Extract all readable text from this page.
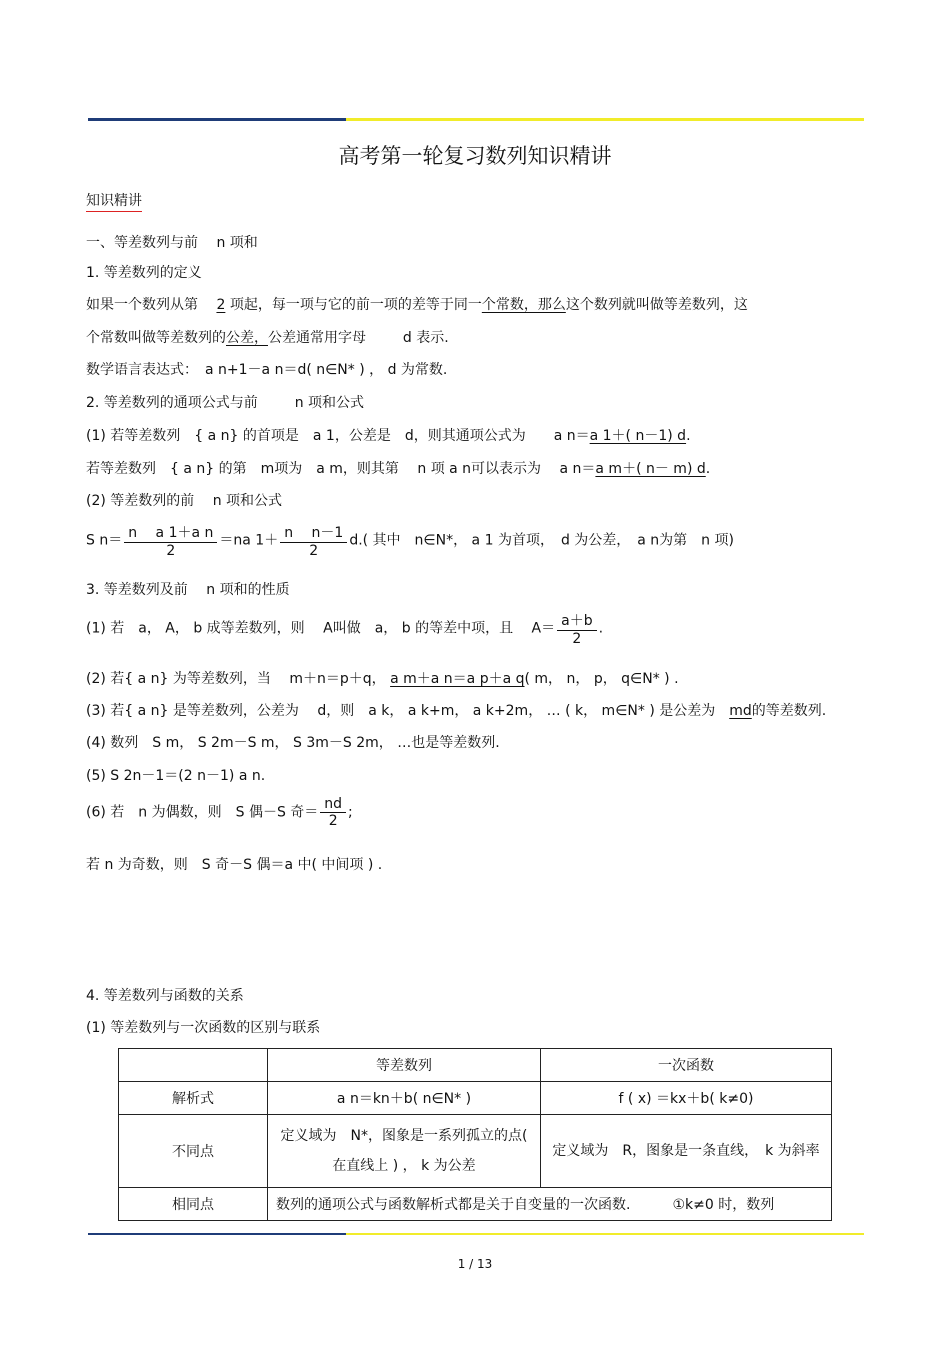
高考第一轮复习数列知识精讲
知识精讲
一、等差数列与前　 n 项和
1. 等差数列的定义
如果一个数列从第　 2 项起，每一项与它的前一项的差等于同一个常数，那么这个数列就叫做等差数列，这
个常数叫做等差数列的公差，公差通常用字母　 　 d 表示.
数学语言表达式：　a n+1－a n＝d( n∈N* ) ， d 为常数.
2. 等差数列的通项公式与前　 　 n 项和公式
(1) 若等差数列　{ a n} 的首项是　a 1，公差是　d，则其通项公式为　　a n＝a 1＋( n－1) d.
若等差数列　{ a n} 的第　m项为　a m，则其第　 n 项 a n可以表示为　 a n＝a m＋( n－ m) d.
(2) 等差数列的前　 n 项和公式
S $n= \frac{\text{n　 a 1＋a n}}{2} =na$ $1+ \frac{\text{n　 n－1}}{2} d$.( 其中　n∈N*， a 1 为首项，　d 为公差，　a n为第　n 项)
3. 等差数列及前　 n 项和的性质
(1) 若　a， A， b 成等差数列，则　 A叫做　a， b 的等差中项，且　 $A= \frac{a+b}{2}$ .
(2) 若{ a n} 为等差数列，当　 m＋n＝p＋q， a m＋a n＝a p＋a q( m， n， p， q∈N* ) .
(3) 若{ a n} 是等差数列，公差为　 d，则　a k， a k+m， a k+2m， … ( k， m∈N* ) 是公差为　md的等差数列.
(4) 数列　S m， S 2m－S m， S 3m－S 2m， …也是等差数列.
(5) S 2n－1＝(2 n－1) a n.
(6) 若　n 为偶数，则　S 偶－S 奇＝ $\frac{nd}{2}$ ;
若 n 为奇数，则　S 奇－S 偶＝a 中( 中间项 ) .
4. 等差数列与函数的关系
(1) 等差数列与一次函数的区别与联系
	等差数列	一次函数
解析式	a n＝kn＋b( n∈N* )	f ( x) ＝kx＋b( k≠0)
不同点	定义域为　N*，图象是一系列孤立的点( 在直线上 ) ， k 为公差	定义域为　R，图象是一条直线，　k 为斜率
相同点	数列的通项公式与函数解析式都是关于自变量的一次函数.　　　①k≠0 时，数列	
1 / 13
